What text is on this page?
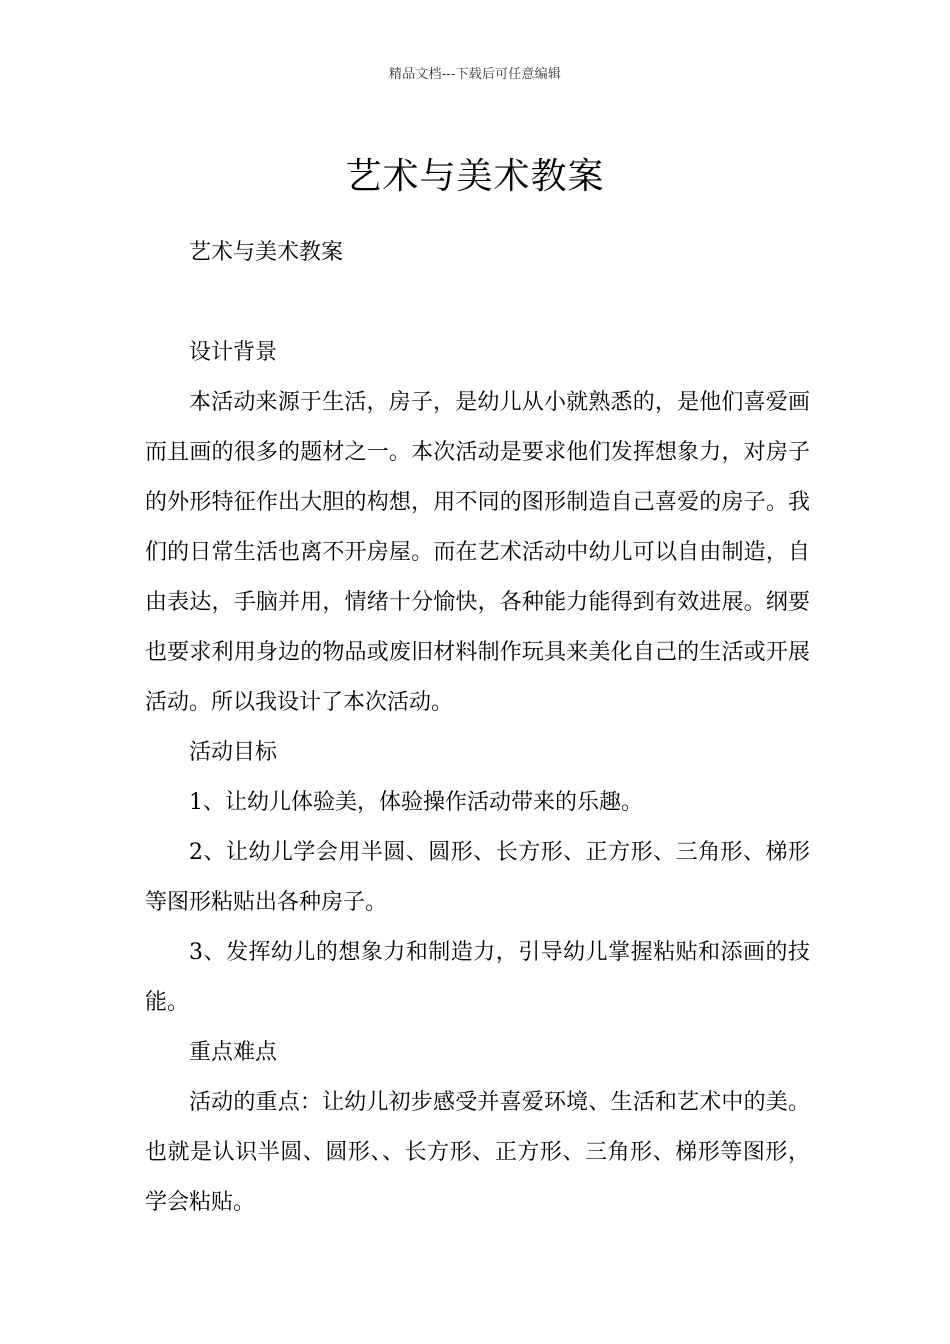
精品文档---下载后可任意编辑
艺术与美术教案

艺术与美术教案

设计背景

本活动来源于生活，房子，是幼儿从小就熟悉的，是他们喜爱画而且画的很多的题材之一。本次活动是要求他们发挥想象力，对房子的外形特征作出大胆的构想，用不同的图形制造自己喜爱的房子。我们的日常生活也离不开房屋。而在艺术活动中幼儿可以自由制造，自由表达，手脑并用，情绪十分愉快，各种能力能得到有效进展。纲要也要求利用身边的物品或废旧材料制作玩具来美化自己的生活或开展活动。所以我设计了本次活动。

活动目标

1、让幼儿体验美，体验操作活动带来的乐趣。

2、让幼儿学会用半圆、圆形、长方形、正方形、三角形、梯形等图形粘贴出各种房子。

3、发挥幼儿的想象力和制造力，引导幼儿掌握粘贴和添画的技能。

重点难点

活动的重点：让幼儿初步感受并喜爱环境、生活和艺术中的美。也就是认识半圆、圆形、、长方形、正方形、三角形、梯形等图形，学会粘贴。
